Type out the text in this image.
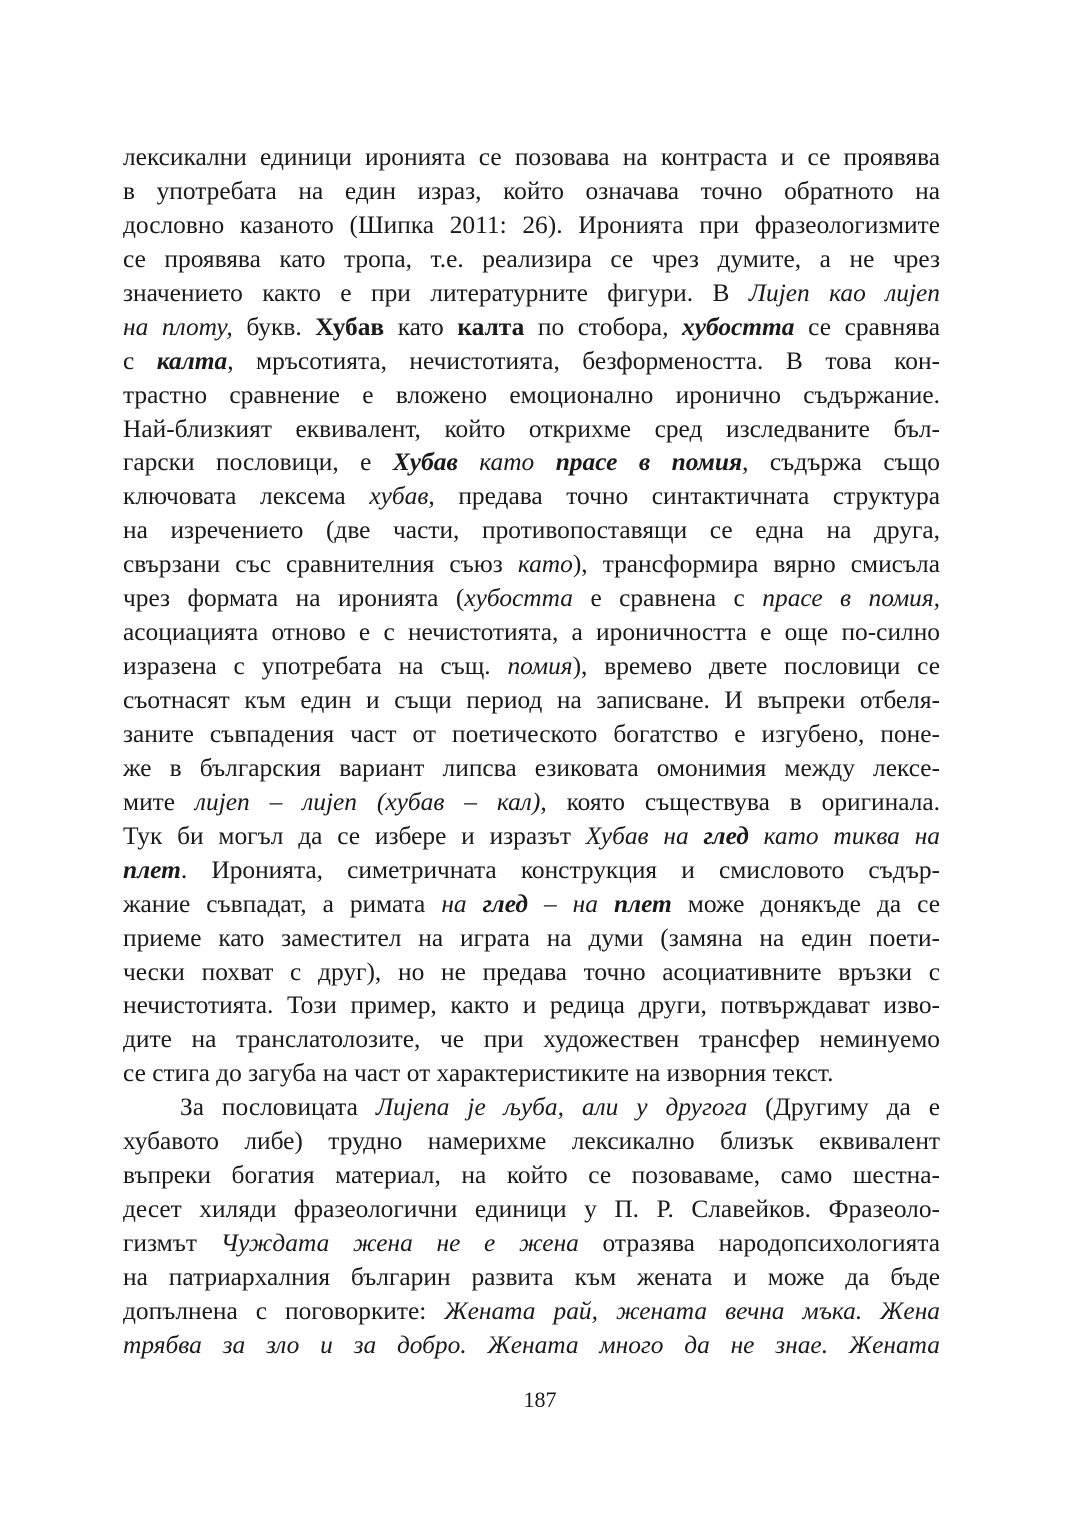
лексикални единици иронията се позовава на контраста и се проявява
в употребата на един израз, който означава точно обратното на
дословно казаното (Шипка 2011: 26). Иронията при фразеологизмите
се проявява като тропа, т.е. реализира се чрез думите, а не чрез
значението както е при литературните фигури. В Лијеп као лијеп
на плоту, букв. Хубав като калта по стобора, хубостта се сравнява
с калта, мръсотията, нечистотията, безформеността. В това кон-
трастно сравнение е вложено емоционално иронично съдържание.
Най-близкият еквивалент, който открихме сред изследваните бъл-
гарски пословици, е Хубав като прасе в помия, съдържа също
ключовата лексема хубав, предава точно синтактичната структура
на изречението (две части, противопоставящи се една на друга,
свързани със сравнителния съюз като), трансформира вярно смисъла
чрез формата на иронията (хубостта е сравнена с прасе в помия,
асоциацията отново е с нечистотията, а ироничността е още по-силно
изразена с употребата на същ. помия), времево двете пословици се
съотнасят към един и същи период на записване. И въпреки отбеля-
заните съвпадения част от поетическото богатство е изгубено, поне-
же в българския вариант липсва езиковата омонимия между лексе-
мите лијеп – лијеп (хубав – кал), която съществува в оригинала.
Тук би могъл да се избере и изразът Хубав на глед като тиква на
плет. Иронията, симетричната конструкция и смисловото съдър-
жание съвпадат, а римата на глед – на плет може донякъде да се
приеме като заместител на играта на думи (замяна на един поети-
чески похват с друг), но не предава точно асоциативните връзки с
нечистотията. Този пример, както и редица други, потвърждават изво-
дите на транслатолозите, че при художествен трансфер неминуемо
се стига до загуба на част от характеристиките на изворния текст.
За пословицата Лијепа је љуба, али у другога (Другиму да е
хубавото либе) трудно намерихме лексикално близък еквивалент
въпреки богатия материал, на който се позоваваме, само шестна-
десет хиляди фразеологични единици у П. Р. Славейков. Фразеоло-
гизмът Чуждата жена не е жена отразява народопсихологията
на патриархалния българин развита към жената и може да бъде
допълнена с поговорките: Жената рай, жената вечна мъка. Жена
трябва за зло и за добро. Жената много да не знае. Жената
187
